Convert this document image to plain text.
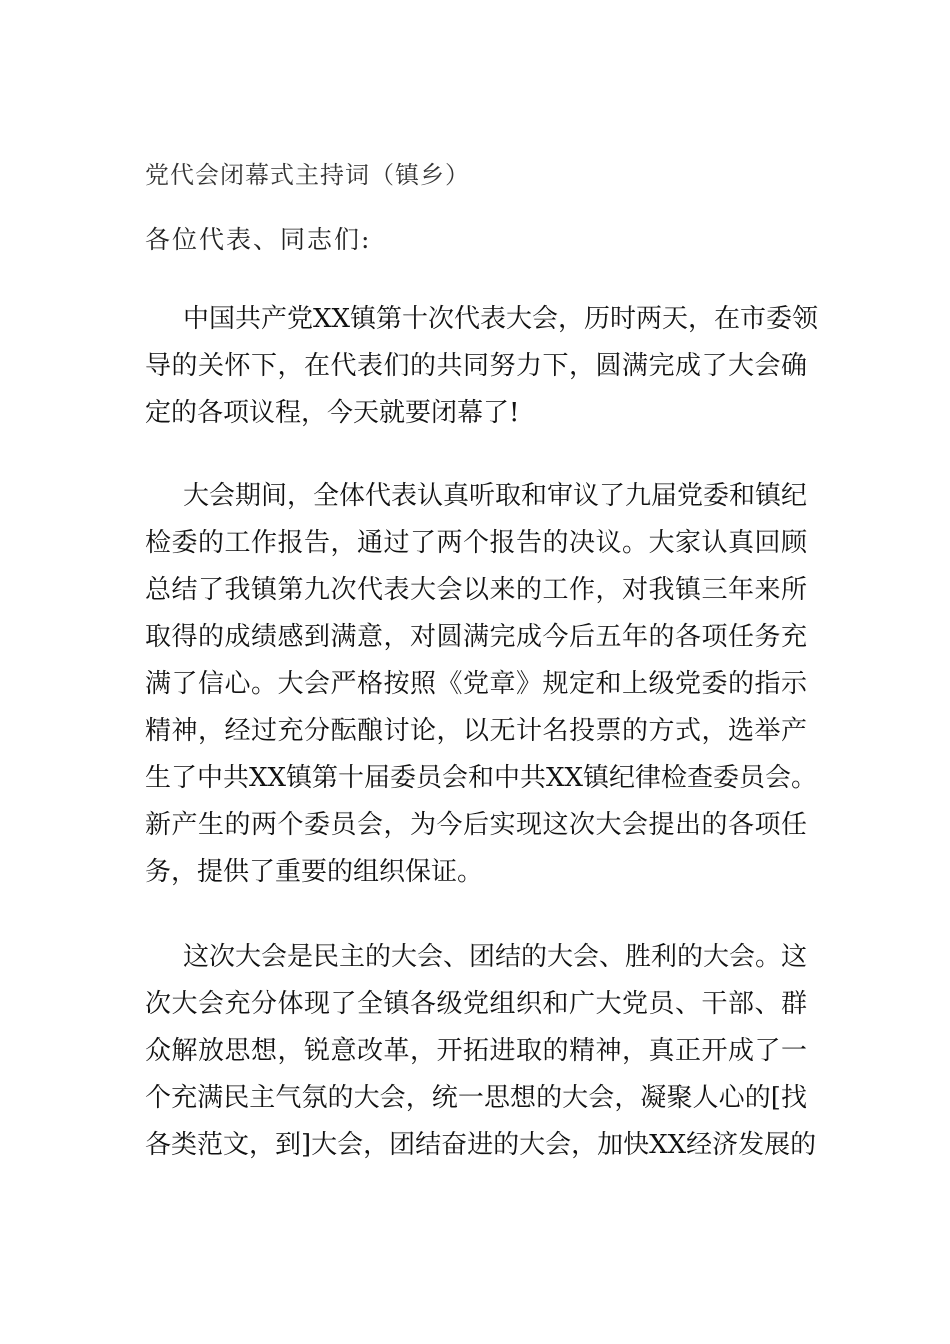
党代会闭幕式主持词（镇乡）
各位代表、同志们:
中国共产党XX镇第十次代表大会，历时两天，在市委领
导的关怀下，在代表们的共同努力下，圆满完成了大会确
定的各项议程，今天就要闭幕了!
大会期间，全体代表认真听取和审议了九届党委和镇纪
检委的工作报告，通过了两个报告的决议。大家认真回顾
总结了我镇第九次代表大会以来的工作，对我镇三年来所
取得的成绩感到满意，对圆满完成今后五年的各项任务充
满了信心。大会严格按照《党章》规定和上级党委的指示
精神，经过充分酝酿讨论，以无计名投票的方式，选举产
生了中共XX镇第十届委员会和中共XX镇纪律检查委员会。
新产生的两个委员会，为今后实现这次大会提出的各项任
务，提供了重要的组织保证。
这次大会是民主的大会、团结的大会、胜利的大会。这
次大会充分体现了全镇各级党组织和广大党员、干部、群
众解放思想，锐意改革，开拓进取的精神，真正开成了一
个充满民主气氛的大会，统一思想的大会，凝聚人心的[找
各类范文，到]大会，团结奋进的大会，加快XX经济发展的
